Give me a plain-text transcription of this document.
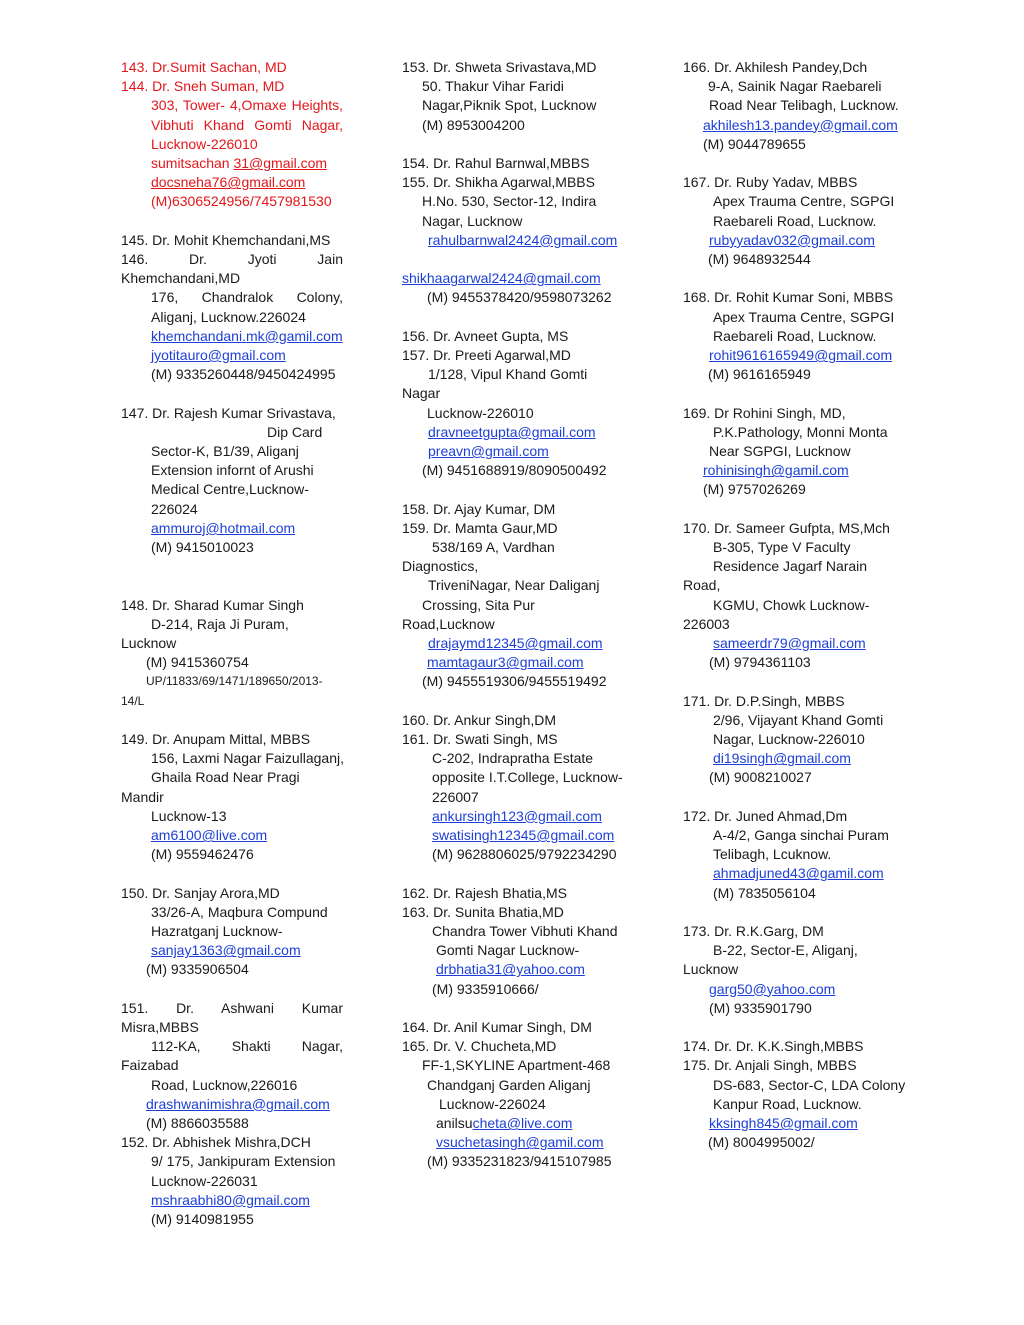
143. Dr.Sumit Sachan, MD
144. Dr. Sneh Suman, MD
303, Tower- 4,Omaxe Heights,
Vibhuti Khand Gomti Nagar,
Lucknow-226010
sumitsachan 31@gmail.com
docsneha76@gmail.com
(M)6306524956/7457981530
145. Dr. Mohit Khemchandani,MS
146. Dr. Jyoti Jain
Khemchandani,MD
176, Chandralok Colony,
Aliganj, Lucknow.226024
khemchandani.mk@gamil.com
jyotitauro@gmail.com
(M) 9335260448/9450424995
147. Dr. Rajesh Kumar Srivastava,
Dip Card
Sector-K, B1/39, Aliganj
Extension infornt of Arushi
Medical Centre,Lucknow-
226024
ammuroj@hotmail.com
(M) 9415010023
148. Dr. Sharad Kumar Singh
D-214, Raja Ji Puram,
Lucknow
(M) 9415360754
UP/11833/69/1471/189650/2013-
14/L
149. Dr. Anupam Mittal, MBBS
156, Laxmi Nagar Faizullaganj,
Ghaila Road Near Pragi
Mandir
Lucknow-13
am6100@live.com
(M) 9559462476
150. Dr. Sanjay Arora,MD
33/26-A, Maqbura Compund
Hazratganj Lucknow-
sanjay1363@gmail.com
(M) 9335906504
151. Dr. Ashwani Kumar
Misra,MBBS
112-KA, Shakti Nagar,
Faizabad
Road, Lucknow,226016
drashwanimishra@gmail.com
(M) 8866035588
152. Dr. Abhishek Mishra,DCH
9/ 175, Jankipuram Extension
Lucknow-226031
mshraabhi80@gmail.com
(M) 9140981955
153. Dr. Shweta Srivastava,MD
50. Thakur Vihar Faridi
Nagar,Piknik Spot, Lucknow
(M) 8953004200
154. Dr. Rahul Barnwal,MBBS
155. Dr. Shikha Agarwal,MBBS
H.No. 530, Sector-12, Indira
Nagar, Lucknow
rahulbarnwal2424@gmail.com

shikhaagarwal2424@gmail.com
(M) 9455378420/9598073262
156. Dr. Avneet Gupta, MS
157. Dr. Preeti Agarwal,MD
1/128, Vipul Khand Gomti
Nagar
Lucknow-226010
dravneetgupta@gmail.com
preavn@gmail.com
(M) 9451688919/8090500492
158. Dr. Ajay Kumar, DM
159. Dr. Mamta Gaur,MD
538/169 A, Vardhan
Diagnostics,
TriveniNagar, Near Daliganj
Crossing, Sita Pur
Road,Lucknow
drajaymd12345@gmail.com
mamtagaur3@gmail.com
(M) 9455519306/9455519492
160. Dr. Ankur Singh,DM
161. Dr. Swati Singh, MS
C-202, Indrapratha Estate
opposite I.T.College, Lucknow-
226007
ankursingh123@gmail.com
swatisingh12345@gmail.com
(M) 9628806025/9792234290
162. Dr. Rajesh Bhatia,MS
163. Dr. Sunita Bhatia,MD
Chandra Tower Vibhuti Khand
Gomti Nagar Lucknow-
drbhatia31@yahoo.com
(M) 9335910666/
164. Dr. Anil Kumar Singh, DM
165. Dr. V. Chucheta,MD
FF-1,SKYLINE Apartment-468
Chandganj Garden Aliganj
Lucknow-226024
anilsucheta@live.com
vsuchetasingh@gamil.com
(M) 9335231823/9415107985
166. Dr. Akhilesh Pandey,Dch
9-A, Sainik Nagar Raebareli
Road Near Telibagh, Lucknow.
akhilesh13.pandey@gmail.com
(M) 9044789655
167. Dr. Ruby Yadav, MBBS
Apex Trauma Centre, SGPGI
Raebareli Road, Lucknow.
rubyyadav032@gmail.com
(M) 9648932544
168. Dr. Rohit Kumar Soni, MBBS
Apex Trauma Centre, SGPGI
Raebareli Road, Lucknow.
rohit9616165949@gmail.com
(M) 9616165949
169. Dr Rohini Singh, MD,
P.K.Pathology, Monni Monta
Near SGPGI, Lucknow
rohinisingh@gamil.com
(M) 9757026269
170. Dr. Sameer Gufpta, MS,Mch
B-305, Type V Faculty
Residence Jagarf Narain
Road,
KGMU, Chowk Lucknow-
226003
sameerdr79@gmail.com
(M) 9794361103
171. Dr. D.P.Singh, MBBS
2/96, Vijayant Khand Gomti
Nagar, Lucknow-226010
di19singh@gmail.com
(M) 9008210027
172. Dr. Juned Ahmad,Dm
A-4/2, Ganga sinchai Puram
Telibagh, Lcuknow.
ahmadjuned43@gamil.com
(M) 7835056104
173. Dr. R.K.Garg, DM
B-22, Sector-E, Aliganj,
Lucknow
garg50@yahoo.com
(M) 9335901790
174. Dr. Dr. K.K.Singh,MBBS
175. Dr. Anjali Singh, MBBS
DS-683, Sector-C, LDA Colony
Kanpur Road, Lucknow.
kksingh845@gmail.com
(M) 8004995002/
